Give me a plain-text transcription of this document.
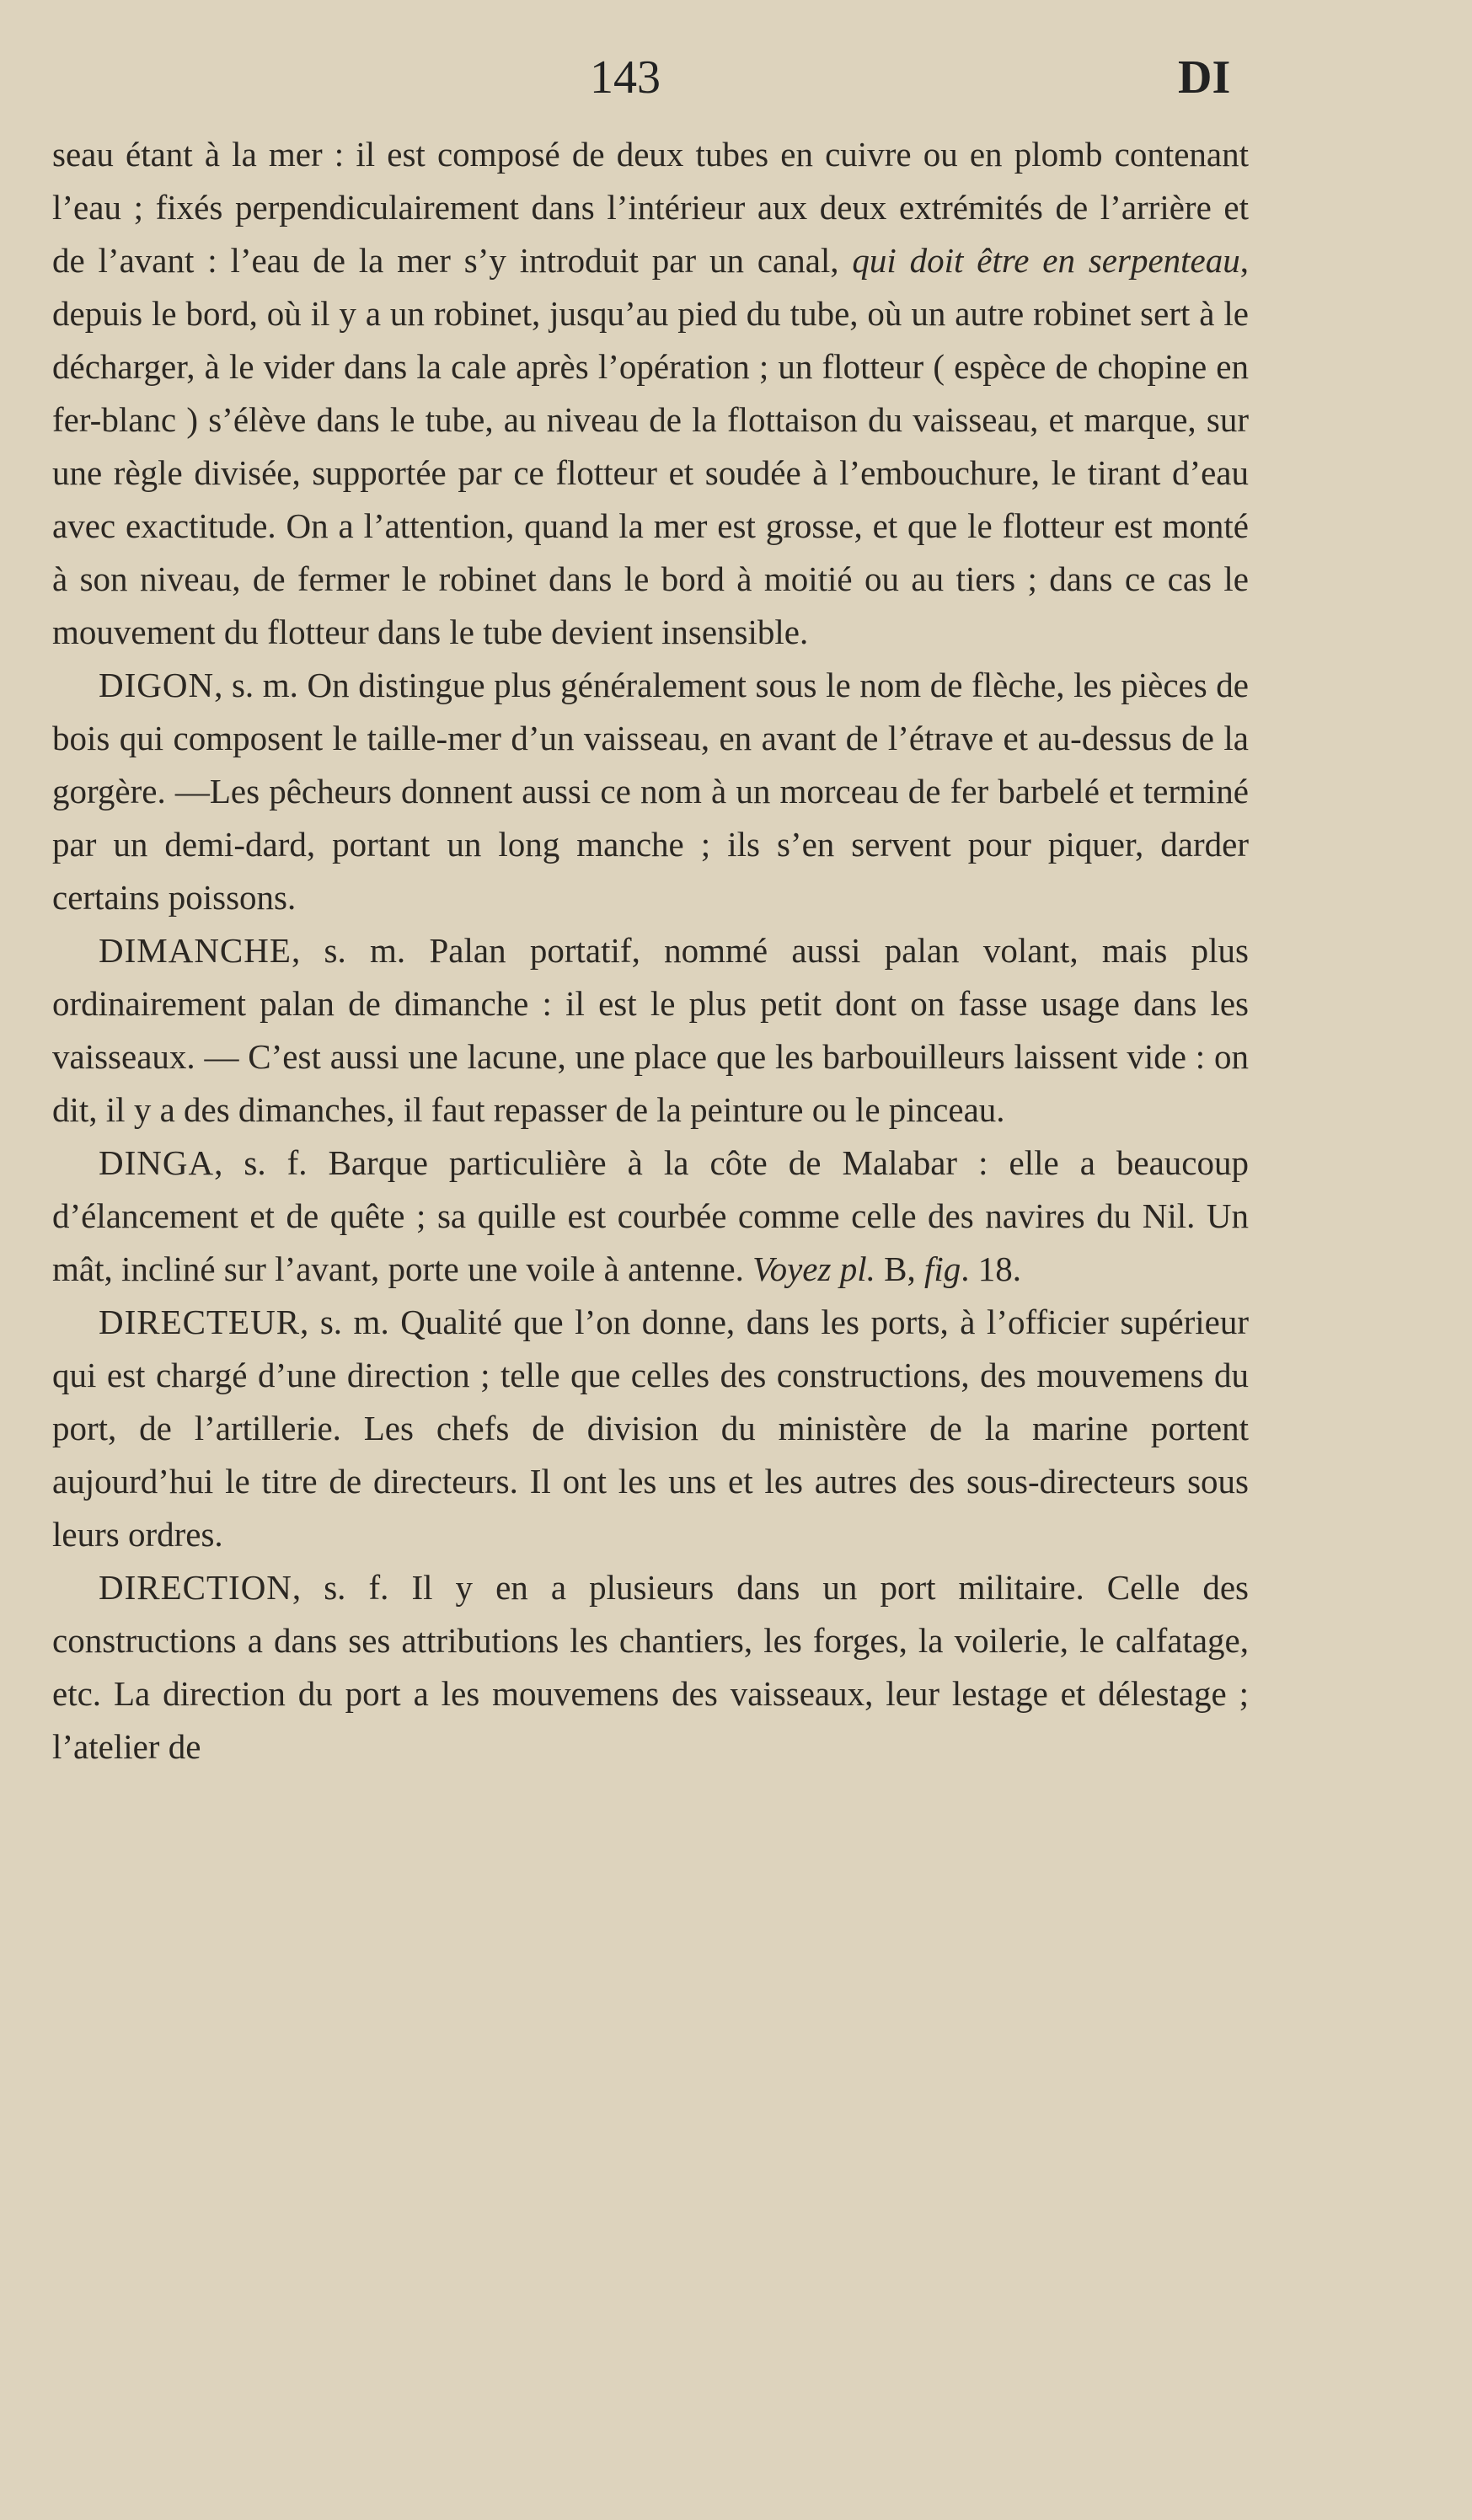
143	DI

seau étant à la mer : il est composé de deux tubes en cuivre ou en plomb contenant l’eau ; fixés perpendiculairement dans l’intérieur aux deux extrémités de l’arrière et de l’avant : l’eau de la mer s’y introduit par un canal, qui doit être en serpenteau, depuis le bord, où il y a un robinet, jusqu’au pied du tube, où un autre robinet sert à le décharger, à le vider dans la cale après l’opération ; un flotteur ( espèce de chopine en fer-blanc ) s’élève dans le tube, au niveau de la flottaison du vaisseau, et marque, sur une règle divisée, supportée par ce flotteur et soudée à l’embouchure, le tirant d’eau avec exactitude. On a l’attention, quand la mer est grosse, et que le flotteur est monté à son niveau, de fermer le robinet dans le bord à moitié ou au tiers ; dans ce cas le mouvement du flotteur dans le tube devient insensible.

DIGON, s. m. On distingue plus généralement sous le nom de flèche, les pièces de bois qui composent le taille-mer d’un vaisseau, en avant de l’étrave et au-dessus de la gorgère. —Les pêcheurs donnent aussi ce nom à un morceau de fer barbelé et terminé par un demi-dard, portant un long manche ; ils s’en servent pour piquer, darder certains poissons.

DIMANCHE, s. m. Palan portatif, nommé aussi palan volant, mais plus ordinairement palan de dimanche : il est le plus petit dont on fasse usage dans les vaisseaux. — C’est aussi une lacune, une place que les barbouilleurs laissent vide : on dit, il y a des dimanches, il faut repasser de la peinture ou le pinceau.

DINGA, s. f. Barque particulière à la côte de Malabar : elle a beaucoup d’élancement et de quête ; sa quille est courbée comme celle des navires du Nil. Un mât, incliné sur l’avant, porte une voile à antenne. Voyez pl. B, fig. 18.

DIRECTEUR, s. m. Qualité que l’on donne, dans les ports, à l’officier supérieur qui est chargé d’une direction ; telle que celles des constructions, des mouvemens du port, de l’artillerie. Les chefs de division du ministère de la marine portent aujourd’hui le titre de directeurs. Il ont les uns et les autres des sous-directeurs sous leurs ordres.

DIRECTION, s. f. Il y en a plusieurs dans un port militaire. Celle des constructions a dans ses attributions les chantiers, les forges, la voilerie, le calfatage, etc. La direction du port a les mouvemens des vaisseaux, leur lestage et délestage ; l’atelier de
